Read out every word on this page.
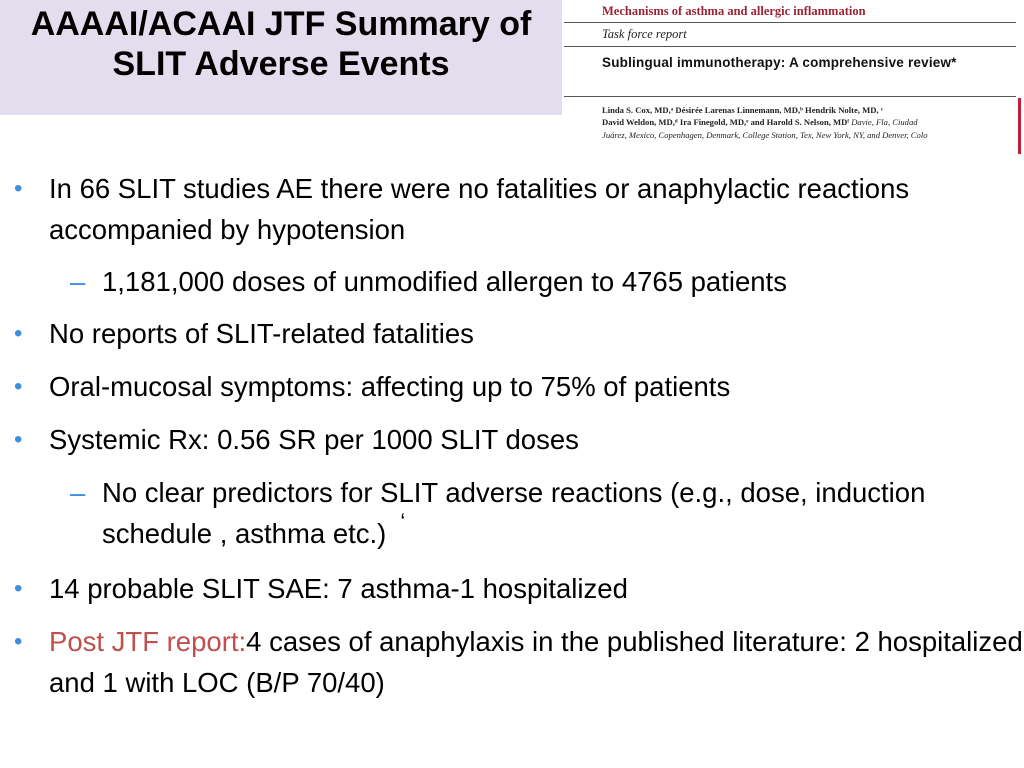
AAAAI/ACAAI JTF Summary of SLIT Adverse Events
Mechanisms of asthma and allergic inflammation
Task force report
Sublingual immunotherapy: A comprehensive review*
Linda S. Cox, MD,ᵃ Désirée Larenas Linnemann, MD,ᵇ Hendrik Nolte, MD, ᶜ
David Weldon, MD,ᵈ Ira Finegold, MD,ᵉ and Harold S. Nelson, MDᶠ Davie, Fla, Ciudad
Juárez, Mexico, Copenhagen, Denmark, College Station, Tex, New York, NY, and Denver, Colo
• In 66 SLIT studies AE there were no fatalities or anaphylactic reactions accompanied by hypotension
– 1,181,000 doses of unmodified allergen to 4765 patients
• No reports of SLIT-related fatalities
• Oral-mucosal symptoms: affecting up to 75% of patients
• Systemic Rx: 0.56 SR per 1000 SLIT doses
– No clear predictors for SLIT adverse reactions (e.g., dose, induction schedule , asthma etc.) ‘
• 14 probable SLIT SAE: 7 asthma-1 hospitalized
• Post JTF report:4 cases of anaphylaxis in the published literature: 2 hospitalized and 1 with LOC (B/P 70/40)
